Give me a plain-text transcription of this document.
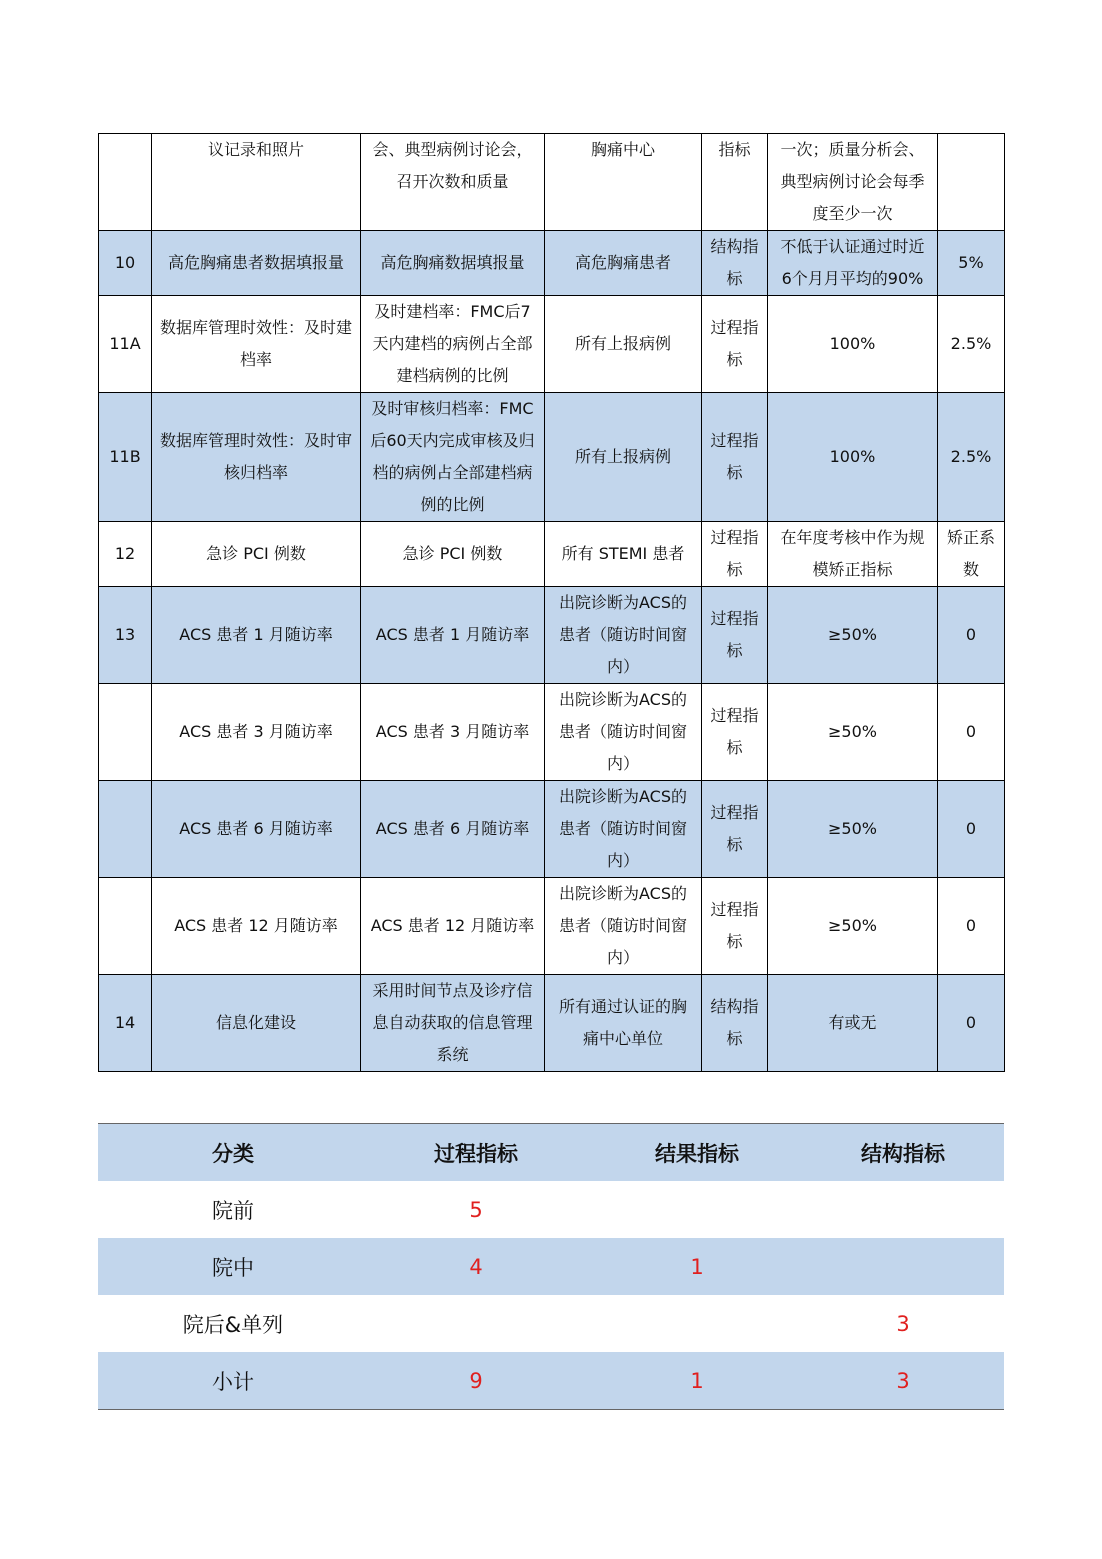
	议记录和照片	会、典型病例讨论会，召开次数和质量	胸痛中心	指标	一次；质量分析会、典型病例讨论会每季度至少一次	
10	高危胸痛患者数据填报量	高危胸痛数据填报量	高危胸痛患者	结构指标	不低于认证通过时近6个月月平均的90%	5%
11A	数据库管理时效性：及时建档率	及时建档率：FMC后7天内建档的病例占全部建档病例的比例	所有上报病例	过程指标	100%	2.5%
11B	数据库管理时效性：及时审核归档率	及时审核归档率：FMC后60天内完成审核及归档的病例占全部建档病例的比例	所有上报病例	过程指标	100%	2.5%
12	急诊 PCI 例数	急诊 PCI 例数	所有 STEMI 患者	过程指标	在年度考核中作为规模矫正指标	矫正系数
13	ACS 患者 1 月随访率	ACS 患者 1 月随访率	出院诊断为ACS的患者（随访时间窗内）	过程指标	≥50%	0
	ACS 患者 3 月随访率	ACS 患者 3 月随访率	出院诊断为ACS的患者（随访时间窗内）	过程指标	≥50%	0
	ACS 患者 6 月随访率	ACS 患者 6 月随访率	出院诊断为ACS的患者（随访时间窗内）	过程指标	≥50%	0
	ACS 患者 12 月随访率	ACS 患者 12 月随访率	出院诊断为ACS的患者（随访时间窗内）	过程指标	≥50%	0
14	信息化建设	采用时间节点及诊疗信息自动获取的信息管理系统	所有通过认证的胸痛中心单位	结构指标	有或无	0
分类	过程指标	结果指标	结构指标
院前	5		
院中	4	1	
院后&单列			3
小计	9	1	3
